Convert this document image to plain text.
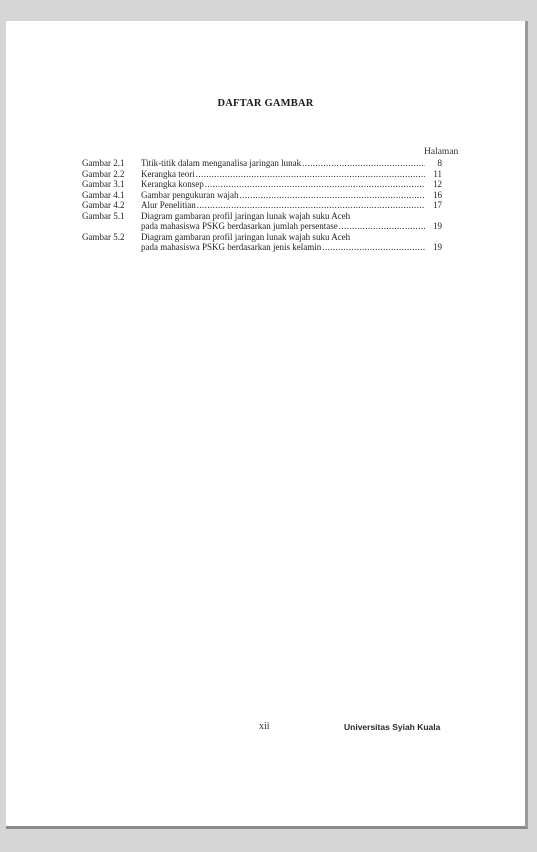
DAFTAR GAMBAR
Halaman
Gambar 2.1	Titik-titik dalam menganalisa jaringan lunak .....	8
Gambar 2.2	Kerangka teori .....	11
Gambar 3.1	Kerangka konsep .....	12
Gambar 4.1	Gambar pengukuran wajah .....	16
Gambar 4.2	Alur Penelitian .....	17
Gambar 5.1	Diagram gambaran profil jaringan lunak wajah suku Aceh
pada mahasiswa PSKG berdasarkan jumlah persentase .....	19
Gambar 5.2	Diagram gambaran profil jaringan lunak wajah suku Aceh
pada mahasiswa PSKG berdasarkan jenis kelamin .....	19
xii	Universitas Syiah Kuala
